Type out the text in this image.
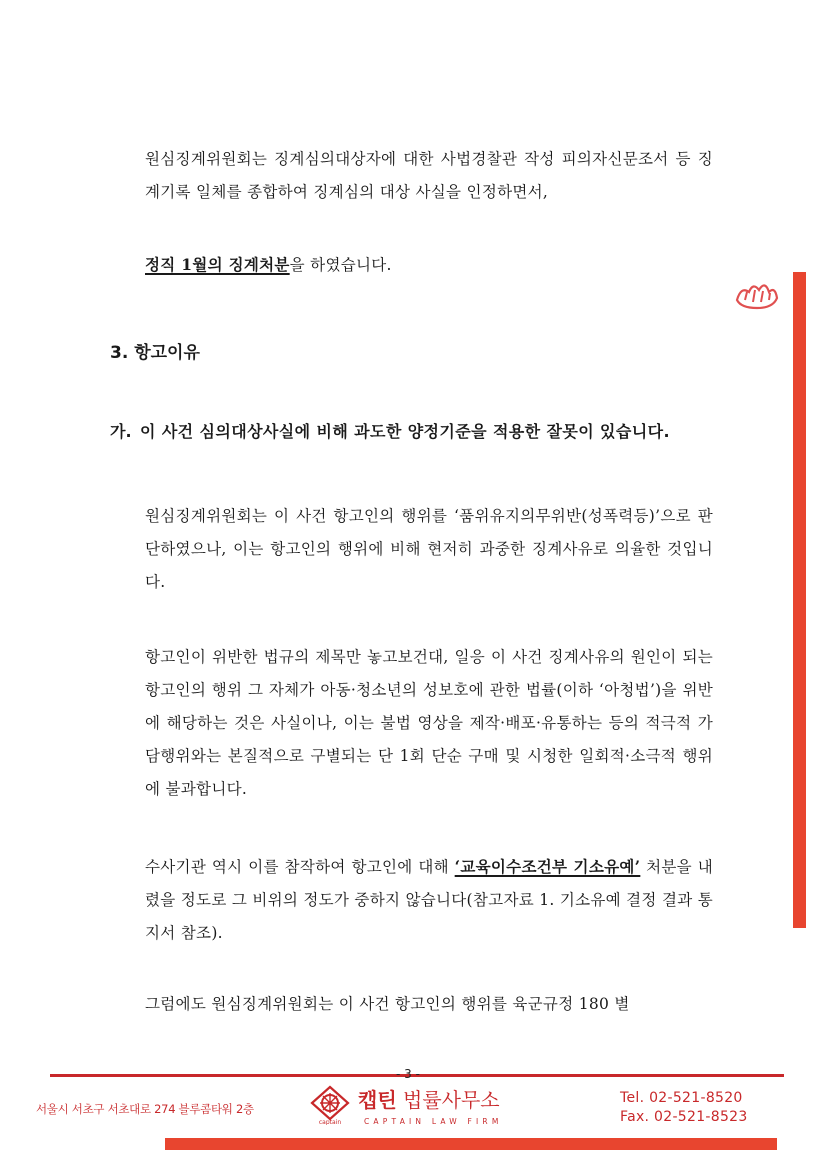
원심징계위원회는 징계심의대상자에 대한 사법경찰관 작성 피의자신문조서 등 징계기록 일체를 종합하여 징계심의 대상 사실을 인정하면서,
정직 1월의 징계처분을 하였습니다.
3. 항고이유
가. 이 사건 심의대상사실에 비해 과도한 양정기준을 적용한 잘못이 있습니다.
원심징계위원회는 이 사건 항고인의 행위를 ‘품위유지의무위반(성폭력등)’으로 판단하였으나, 이는 항고인의 행위에 비해 현저히 과중한 징계사유로 의율한 것입니다.
항고인이 위반한 법규의 제목만 놓고보건대, 일응 이 사건 징계사유의 원인이 되는 항고인의 행위 그 자체가 아동·청소년의 성보호에 관한 법률(이하 ‘아청법’)을 위반에 해당하는 것은 사실이나, 이는 불법 영상을 제작·배포·유통하는 등의 적극적 가담행위와는 본질적으로 구별되는 단 1회 단순 구매 및 시청한 일회적·소극적 행위에 불과합니다.
수사기관 역시 이를 참작하여 항고인에 대해 ‘교육이수조건부 기소유예’ 처분을 내렸을 정도로 그 비위의 정도가 중하지 않습니다(참고자료 1. 기소유예 결정 결과 통지서 참조).
그럼에도 원심징계위원회는 이 사건 항고인의 행위를 육군규정 180 별
- 3 -
서울시 서초구 서초대로 274 블루콤타워 2층
captain
캡틴 법률사무소
CAPTAIN LAW FIRM
Tel. 02-521-8520
Fax. 02-521-8523
